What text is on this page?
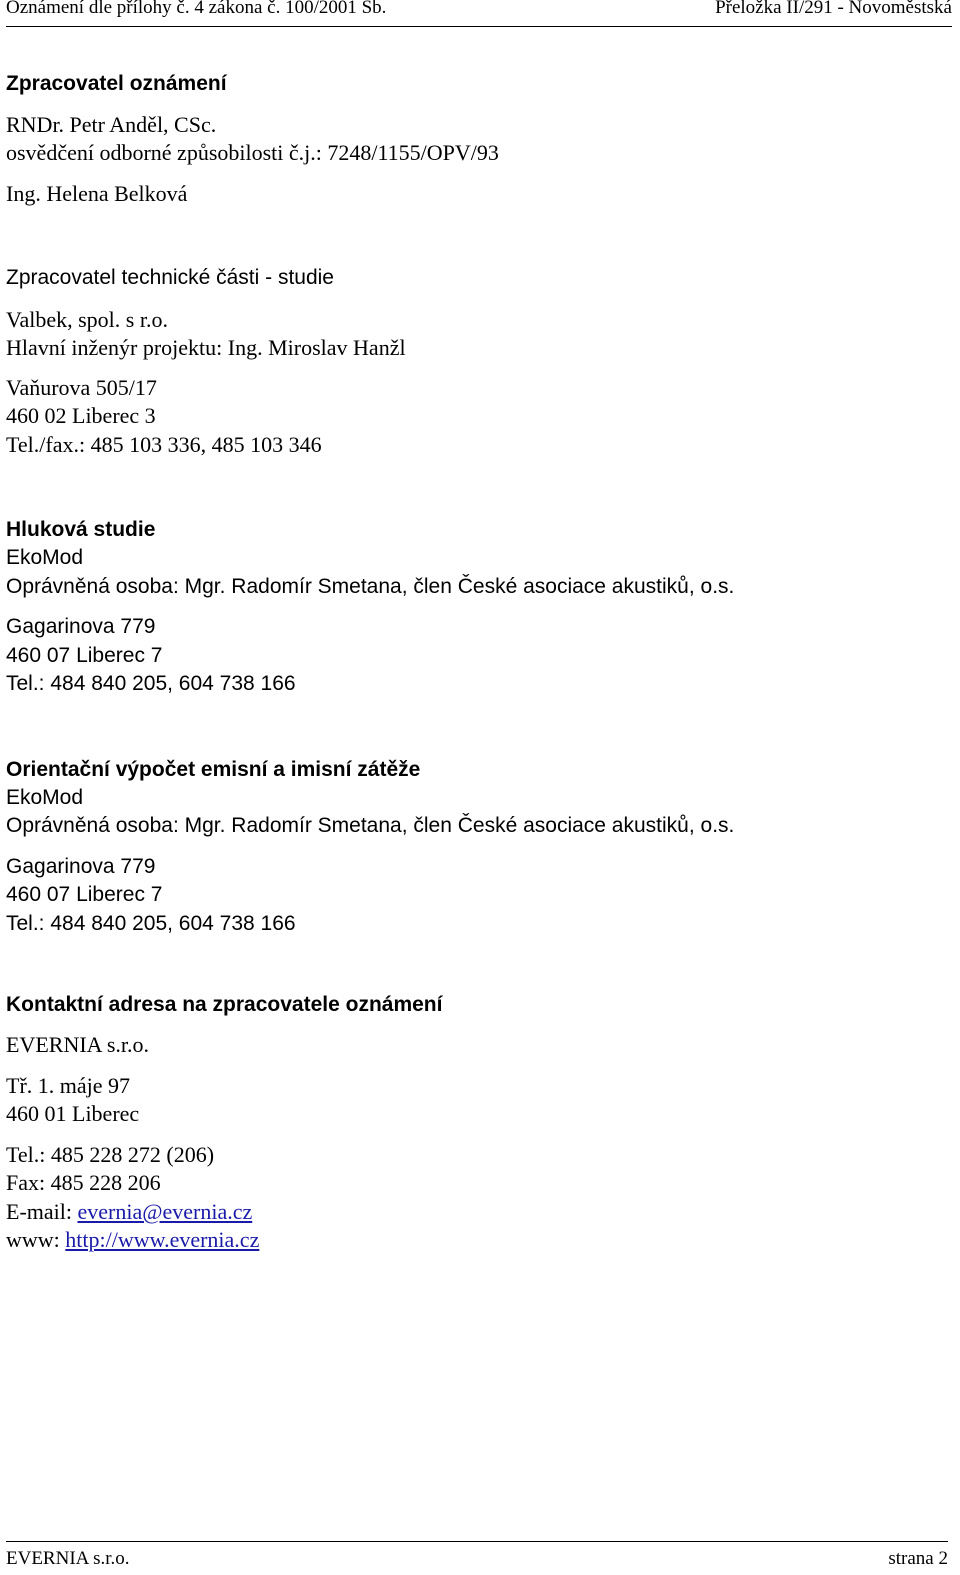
Oznámení dle přílohy č. 4 zákona č. 100/2001 Sb.	Přeložka II/291 - Novoměstská
Zpracovatel oznámení
RNDr. Petr Anděl, CSc.
osvědčení odborné způsobilosti č.j.: 7248/1155/OPV/93
Ing. Helena Belková
Zpracovatel technické části - studie
Valbek, spol. s r.o.
Hlavní inženýr projektu: Ing. Miroslav Hanžl
Vaňurova 505/17
460 02 Liberec 3
Tel./fax.: 485 103 336, 485 103 346
Hluková studie
EkoMod
Oprávněná osoba: Mgr. Radomír Smetana, člen České asociace akustiků, o.s.
Gagarinova 779
460 07 Liberec 7
Tel.: 484 840 205, 604 738 166
Orientační výpočet emisní a imisní zátěže
EkoMod
Oprávněná osoba: Mgr. Radomír Smetana, člen České asociace akustiků, o.s.
Gagarinova 779
460 07 Liberec 7
Tel.: 484 840 205, 604 738 166
Kontaktní adresa na zpracovatele oznámení
EVERNIA s.r.o.
Tř. 1. máje 97
460 01 Liberec
Tel.: 485 228 272 (206)
Fax: 485 228 206
E-mail: evernia@evernia.cz
www: http://www.evernia.cz
EVERNIA s.r.o.	strana 2
